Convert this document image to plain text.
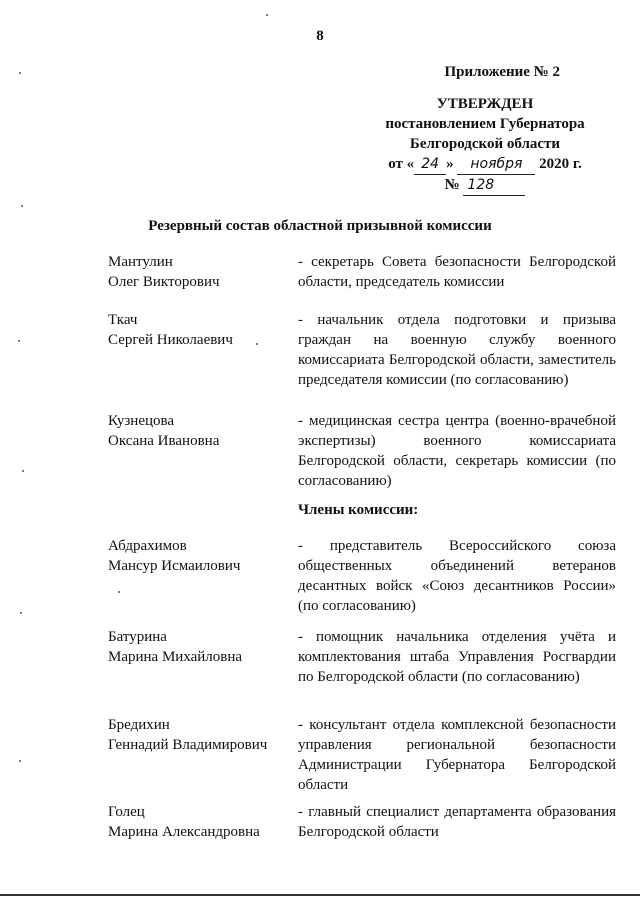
8
Приложение № 2
УТВЕРЖДЕН
постановлением Губернатора
Белгородской области
от « 24 » ноября 2020 г.
№ 128
Резервный состав областной призывной комиссии
Мантулин
Олег Викторович
- секретарь Совета безопасности Белгородской области, председатель комиссии
Ткач
Сергей Николаевич
- начальник отдела подготовки и призыва граждан на военную службу военного комиссариата Белгородской области, заместитель председателя комиссии (по согласованию)
Кузнецова
Оксана Ивановна
- медицинская сестра центра (военно-врачебной экспертизы) военного комиссариата Белгородской области, секретарь комиссии (по согласованию)
Члены комиссии:
Абдрахимов
Мансур Исмаилович
- представитель Всероссийского союза общественных объединений ветеранов десантных войск «Союз десантников России» (по согласованию)
Батурина
Марина Михайловна
- помощник начальника отделения учёта и комплектования штаба Управления Росгвардии по Белгородской области (по согласованию)
Бредихин
Геннадий Владимирович
- консультант отдела комплексной безопасности управления региональной безопасности Администрации Губернатора Белгородской области
Голец
Марина Александровна
- главный специалист департамента образования Белгородской области
